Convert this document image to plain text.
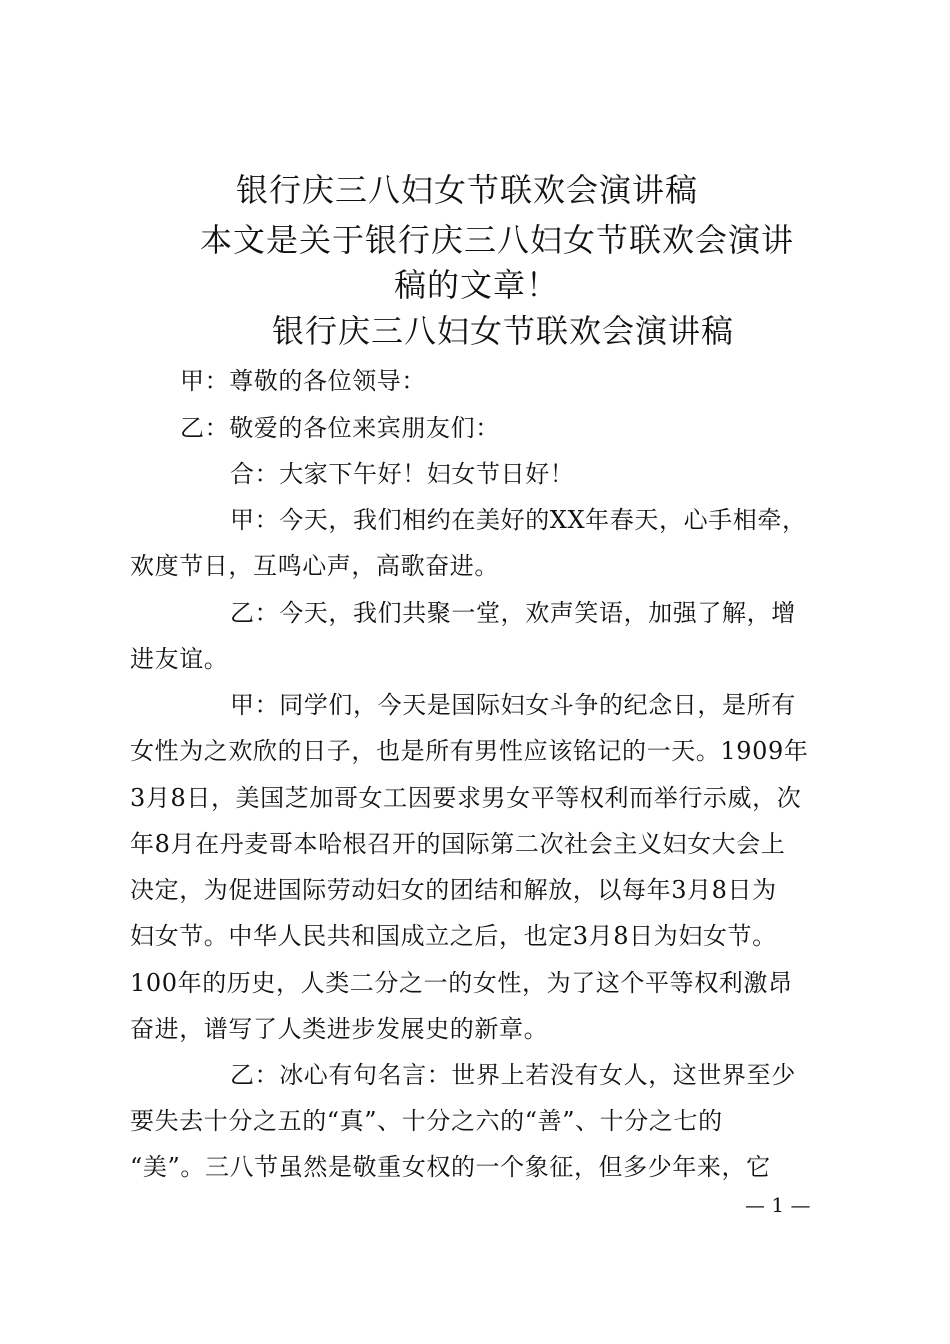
银行庆三八妇女节联欢会演讲稿
本文是关于银行庆三八妇女节联欢会演讲
稿的文章！
银行庆三八妇女节联欢会演讲稿
甲：尊敬的各位领导：
乙：敬爱的各位来宾朋友们：
合：大家下午好！妇女节日好！
甲：今天，我们相约在美好的XX年春天，心手相牵，
欢度节日，互鸣心声，高歌奋进。
乙：今天，我们共聚一堂，欢声笑语，加强了解，增
进友谊。
甲：同学们，今天是国际妇女斗争的纪念日，是所有
女性为之欢欣的日子，也是所有男性应该铭记的一天。1909年
3月8日，美国芝加哥女工因要求男女平等权利而举行示威，次
年8月在丹麦哥本哈根召开的国际第二次社会主义妇女大会上
决定，为促进国际劳动妇女的团结和解放，以每年3月8日为
妇女节。中华人民共和国成立之后，也定3月8日为妇女节。
100年的历史，人类二分之一的女性，为了这个平等权利激昂
奋进，谱写了人类进步发展史的新章。
乙：冰心有句名言：世界上若没有女人，这世界至少
要失去十分之五的“真”、十分之六的“善”、十分之七的
“美”。三八节虽然是敬重女权的一个象征，但多少年来，它
— 1 —
